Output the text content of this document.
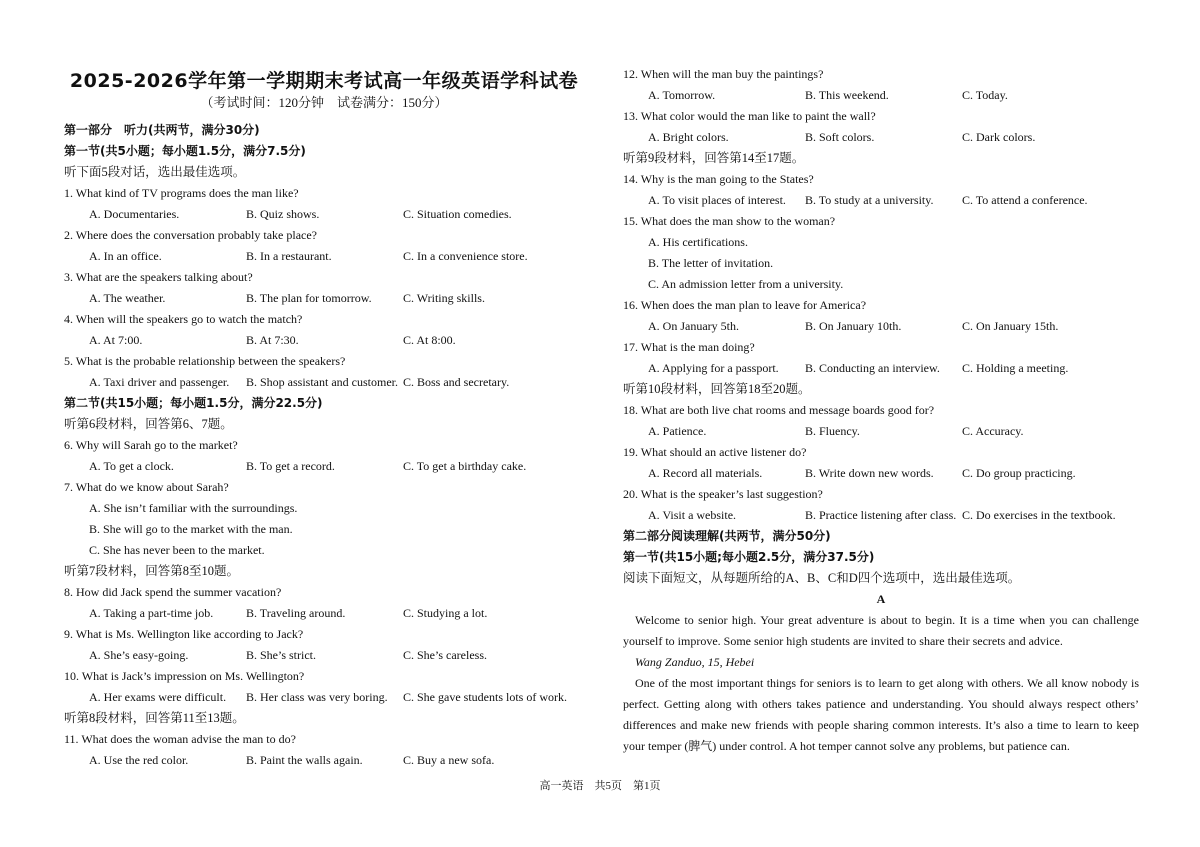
2025-2026学年第一学期期末考试高一年级英语学科试卷
（考试时间：120分钟　试卷满分：150分）
第一部分　听力(共两节，满分30分)
第一节(共5小题；每小题1.5分，满分7.5分)
听下面5段对话，选出最佳选项。
1. What kind of TV programs does the man like?
A. Documentaries.	B. Quiz shows.	C. Situation comedies.
2. Where does the conversation probably take place?
A. In an office.	B. In a restaurant.	C. In a convenience store.
3. What are the speakers talking about?
A. The weather.	B. The plan for tomorrow.	C. Writing skills.
4. When will the speakers go to watch the match?
A. At 7:00.	B. At 7:30.	C. At 8:00.
5. What is the probable relationship between the speakers?
A. Taxi driver and passenger.	B. Shop assistant and customer. C. Boss and secretary.
第二节(共15小题；每小题1.5分，满分22.5分)
听第6段材料，回答第6、7题。
6. Why will Sarah go to the market?
A. To get a clock.	B. To get a record.	C. To get a birthday cake.
7. What do we know about Sarah?
A. She isn’t familiar with the surroundings.
B. She will go to the market with the man.
C. She has never been to the market.
听第7段材料，回答第8至10题。
8. How did Jack spend the summer vacation?
A. Taking a part-time job.	B. Traveling around.	C. Studying a lot.
9. What is Ms. Wellington like according to Jack?
A. She’s easy-going.	B. She’s strict.	C. She’s careless.
10. What is Jack’s impression on Ms. Wellington?
A. Her exams were difficult.	B. Her class was very boring.	C. She gave students lots of work.
听第8段材料，回答第11至13题。
11. What does the woman advise the man to do?
A. Use the red color.	B. Paint the walls again.	C. Buy a new sofa.
12. When will the man buy the paintings?
A. Tomorrow.	B. This weekend.	C. Today.
13. What color would the man like to paint the wall?
A. Bright colors.	B. Soft colors.	C. Dark colors.
听第9段材料，回答第14至17题。
14. Why is the man going to the States?
A. To visit places of interest.	B. To study at a university.	C. To attend a conference.
15. What does the man show to the woman?
A. His certifications.
B. The letter of invitation.
C. An admission letter from a university.
16. When does the man plan to leave for America?
A. On January 5th.	B. On January 10th.	C. On January 15th.
17. What is the man doing?
A. Applying for a passport.	B. Conducting an interview.	C. Holding a meeting.
听第10段材料，回答第18至20题。
18. What are both live chat rooms and message boards good for?
A. Patience.	B. Fluency.	C. Accuracy.
19. What should an active listener do?
A. Record all materials.	B. Write down new words.	C. Do group practicing.
20. What is the speaker’s last suggestion?
A. Visit a website.	B. Practice listening after class. C. Do exercises in the textbook.
第二部分阅读理解(共两节，满分50分)
第一节(共15小题;每小题2.5分，满分37.5分)
阅读下面短文，从每题所给的A、B、C和D四个选项中，选出最佳选项。
A
Welcome to senior high. Your great adventure is about to begin. It is a time when you can challenge yourself to improve. Some senior high students are invited to share their secrets and advice.
Wang Zanduo, 15, Hebei
One of the most important things for seniors is to learn to get along with others. We all know nobody is perfect. Getting along with others takes patience and understanding. You should always respect others’ differences and make new friends with people sharing common interests. It’s also a time to learn to keep your temper (脾气) under control. A hot temper cannot solve any problems, but patience can.
高一英语　共5页　第1页
